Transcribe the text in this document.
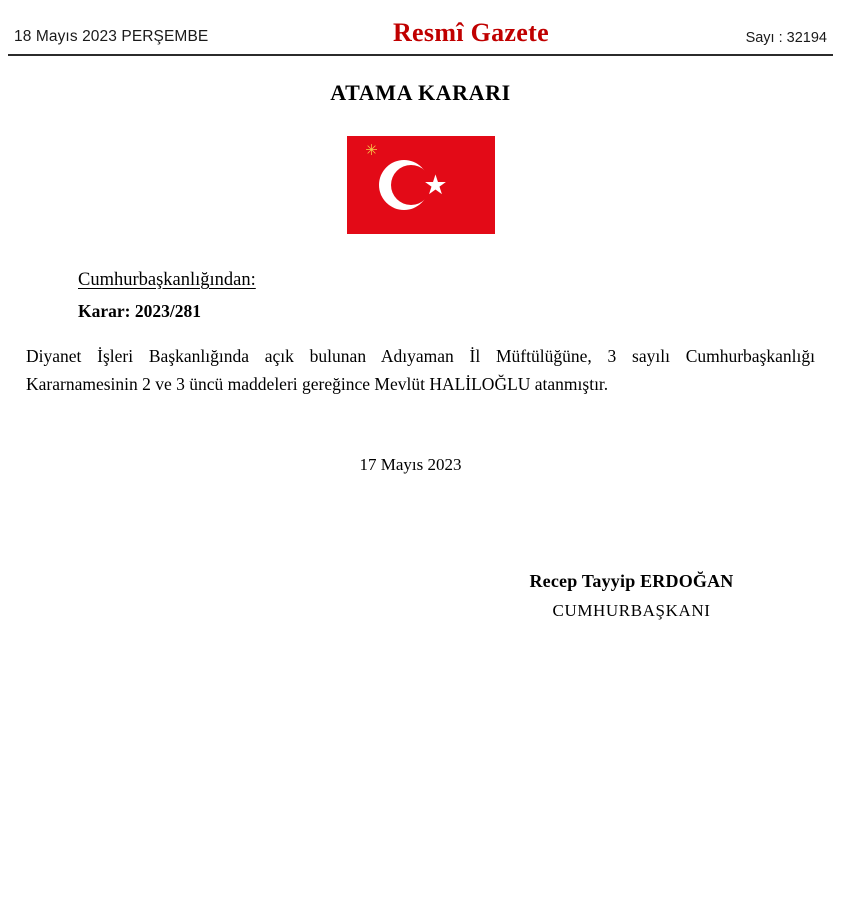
18 Mayıs 2023 PERŞEMBE	Resmî Gazete	Sayı : 32194
ATAMA KARARI
✳
★
Cumhurbaşkanlığından:
Karar: 2023/281

Diyanet İşleri Başkanlığında açık bulunan Adıyaman İl Müftülüğüne, 3 sayılı Cumhurbaşkanlığı Kararnamesinin 2 ve 3 üncü maddeleri gereğince Mevlüt HALİLOĞLU atanmıştır.

17 Mayıs 2023
Recep Tayyip ERDOĞAN
CUMHURBAŞKANI
